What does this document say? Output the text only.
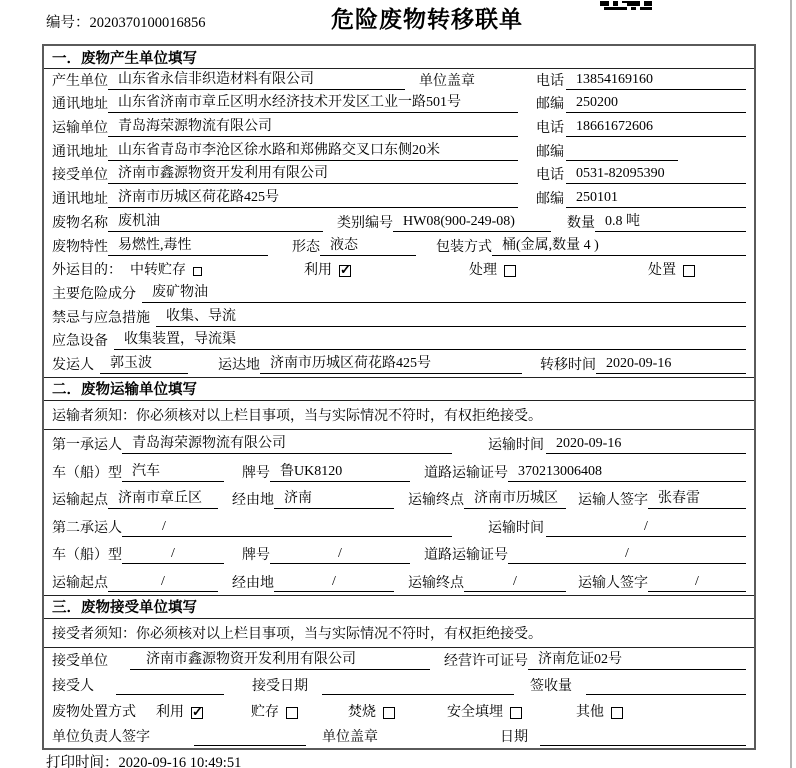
编号：2020370100016856	危险废物转移联单
一．废物产生单位填写
产生单位 山东省永信非织造材料有限公司	单位盖章	电话 13854169160
通讯地址 山东省济南市章丘区明水经济技术开发区工业一路501号	邮编 250200
运输单位 青岛海荣源物流有限公司	电话 18661672606
通讯地址 山东省青岛市李沧区徐水路和郑佛路交叉口东侧20米	邮编
接受单位 济南市鑫源物资开发利用有限公司	电话 0531-82095390
通讯地址 济南市历城区荷花路425号	邮编 250101
废物名称 废机油	类别编号 HW08(900-249-08)	数量 0.8 吨
废物特性 易燃性,毒性	形态 液态	包装方式 桶(金属,数量 4 )
外运目的： 中转贮存	利用 ✓	处理	处置
主要危险成分	废矿物油
禁忌与应急措施	收集、导流
应急设备	收集装置，导流渠
发运人	郭玉波	运达地 济南市历城区荷花路425号	转移时间 2020-09-16
二．废物运输单位填写
运输者须知：你必须核对以上栏目事项，当与实际情况不符时，有权拒绝接受。
第一承运人 青岛海荣源物流有限公司	运输时间 2020-09-16
车（船）型 汽车	牌号 鲁UK8120	道路运输证号 370213006408
运输起点 济南市章丘区	经由地 济南	运输终点 济南市历城区	运输人签字 张春雷
第二承运人	/	运输时间	/
车（船）型	/	牌号	/	道路运输证号	/
运输起点	/	经由地	/	运输终点	/	运输人签字	/
三．废物接受单位填写
接受者须知：你必须核对以上栏目事项，当与实际情况不符时，有权拒绝接受。
接受单位	济南市鑫源物资开发利用有限公司	经营许可证号 济南危证02号
接受人	接受日期	签收量
废物处置方式 利用 ✓	贮存	焚烧	安全填埋	其他
单位负责人签字	单位盖章	日期
打印时间：2020-09-16 10:49:51
